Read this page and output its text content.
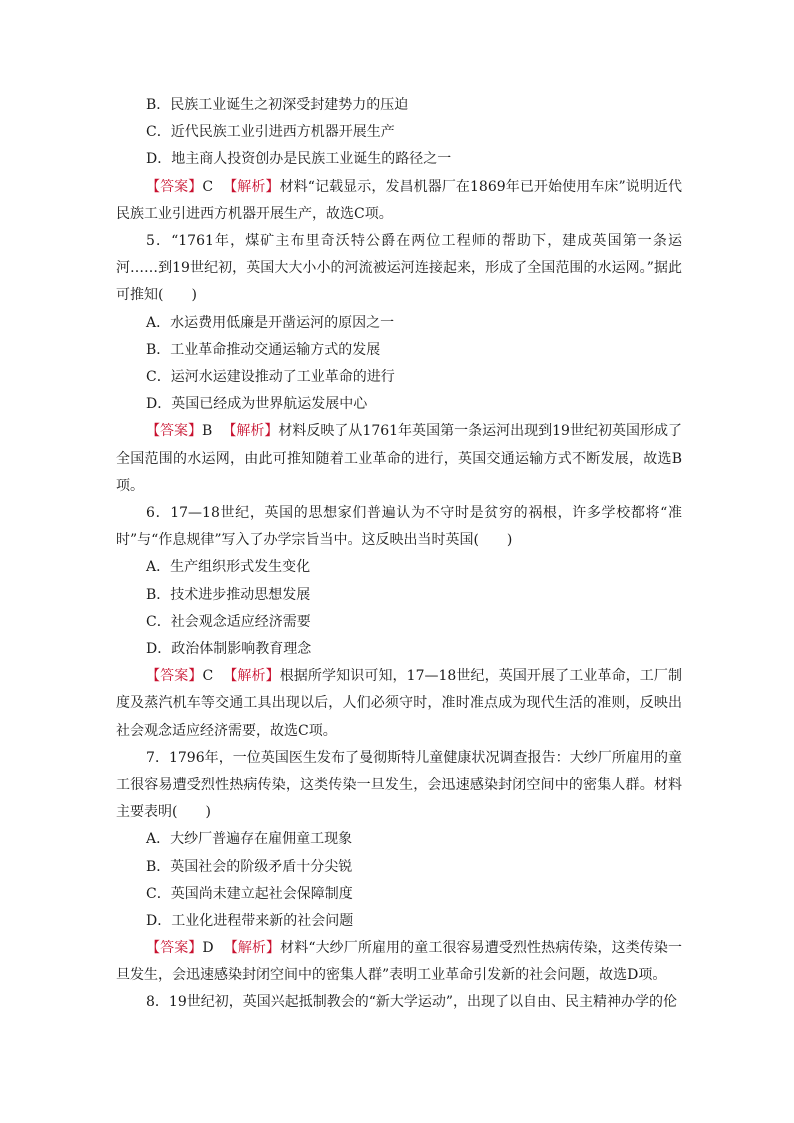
B．民族工业诞生之初深受封建势力的压迫
C．近代民族工业引进西方机器开展生产
D．地主商人投资创办是民族工业诞生的路径之一
【答案】C 【解析】材料“记载显示，发昌机器厂在1869年已开始使用车床”说明近代民族工业引进西方机器开展生产，故选C项。
5．“1761年，煤矿主布里奇沃特公爵在两位工程师的帮助下，建成英国第一条运河……到19世纪初，英国大大小小的河流被运河连接起来，形成了全国范围的水运网。”据此可推知(　　)
A．水运费用低廉是开凿运河的原因之一
B．工业革命推动交通运输方式的发展
C．运河水运建设推动了工业革命的进行
D．英国已经成为世界航运发展中心
【答案】B 【解析】材料反映了从1761年英国第一条运河出现到19世纪初英国形成了全国范围的水运网，由此可推知随着工业革命的进行，英国交通运输方式不断发展，故选B项。
6．17—18世纪，英国的思想家们普遍认为不守时是贫穷的祸根，许多学校都将“准时”与“作息规律”写入了办学宗旨当中。这反映出当时英国(　　)
A．生产组织形式发生变化
B．技术进步推动思想发展
C．社会观念适应经济需要
D．政治体制影响教育理念
【答案】C 【解析】根据所学知识可知，17—18世纪，英国开展了工业革命，工厂制度及蒸汽机车等交通工具出现以后，人们必须守时，准时准点成为现代生活的准则，反映出社会观念适应经济需要，故选C项。
7．1796年，一位英国医生发布了曼彻斯特儿童健康状况调查报告：大纱厂所雇用的童工很容易遭受烈性热病传染，这类传染一旦发生，会迅速感染封闭空间中的密集人群。材料主要表明(　　)
A．大纱厂普遍存在雇佣童工现象
B．英国社会的阶级矛盾十分尖锐
C．英国尚未建立起社会保障制度
D．工业化进程带来新的社会问题
【答案】D 【解析】材料“大纱厂所雇用的童工很容易遭受烈性热病传染，这类传染一旦发生，会迅速感染封闭空间中的密集人群”表明工业革命引发新的社会问题，故选D项。
8．19世纪初，英国兴起抵制教会的“新大学运动”，出现了以自由、民主精神办学的伦
